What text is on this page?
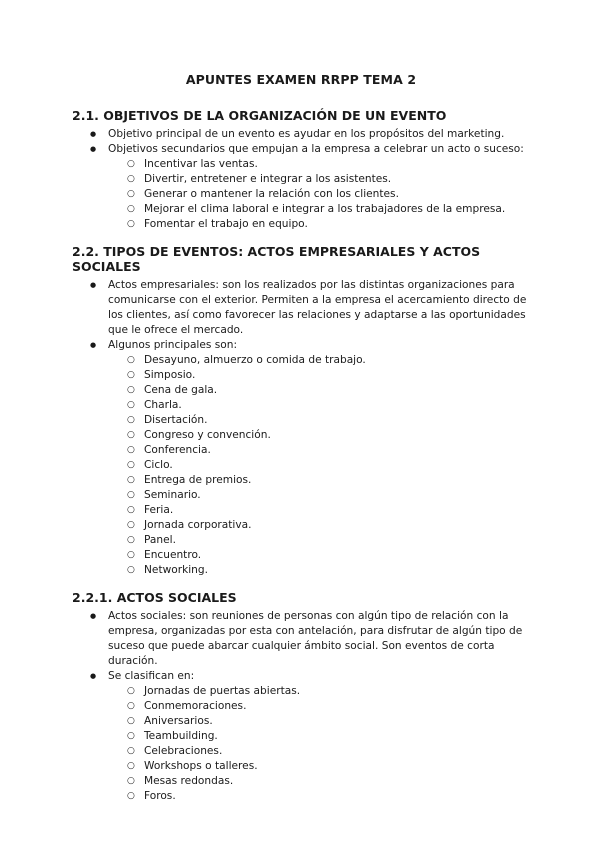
APUNTES EXAMEN RRPP TEMA 2
2.1. OBJETIVOS DE LA ORGANIZACIÓN DE UN EVENTO
● Objetivo principal de un evento es ayudar en los propósitos del marketing.
● Objetivos secundarios que empujan a la empresa a celebrar un acto o suceso:
○ Incentivar las ventas.
○ Divertir, entretener e integrar a los asistentes.
○ Generar o mantener la relación con los clientes.
○ Mejorar el clima laboral e integrar a los trabajadores de la empresa.
○ Fomentar el trabajo en equipo.
2.2. TIPOS DE EVENTOS: ACTOS EMPRESARIALES Y ACTOS SOCIALES
● Actos empresariales: son los realizados por las distintas organizaciones para comunicarse con el exterior. Permiten a la empresa el acercamiento directo de los clientes, así como favorecer las relaciones y adaptarse a las oportunidades que le ofrece el mercado.
● Algunos principales son:
○ Desayuno, almuerzo o comida de trabajo.
○ Simposio.
○ Cena de gala.
○ Charla.
○ Disertación.
○ Congreso y convención.
○ Conferencia.
○ Ciclo.
○ Entrega de premios.
○ Seminario.
○ Feria.
○ Jornada corporativa.
○ Panel.
○ Encuentro.
○ Networking.
2.2.1. ACTOS SOCIALES
● Actos sociales: son reuniones de personas con algún tipo de relación con la empresa, organizadas por esta con antelación, para disfrutar de algún tipo de suceso que puede abarcar cualquier ámbito social. Son eventos de corta duración.
● Se clasifican en:
○ Jornadas de puertas abiertas.
○ Conmemoraciones.
○ Aniversarios.
○ Teambuilding.
○ Celebraciones.
○ Workshops o talleres.
○ Mesas redondas.
○ Foros.
